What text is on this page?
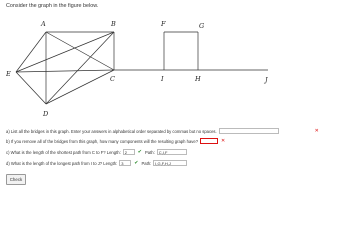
Consider the graph in the figure below.
A	B	F	G
E
C	I	H	J
D
a) List all the bridges in this graph. Enter your answers in alphabetical order separated by commas but no spaces.	✕
b) If you remove all of the bridges from this graph, how many components will the resulting graph have?	✕
c) What is the length of the shortest path from C to F? Length:	2	✔ Path:	C,I,F
d) What is the length of the longest path from I to J? Length:	3	✔ Path:	I,G,F,H,J
Check
